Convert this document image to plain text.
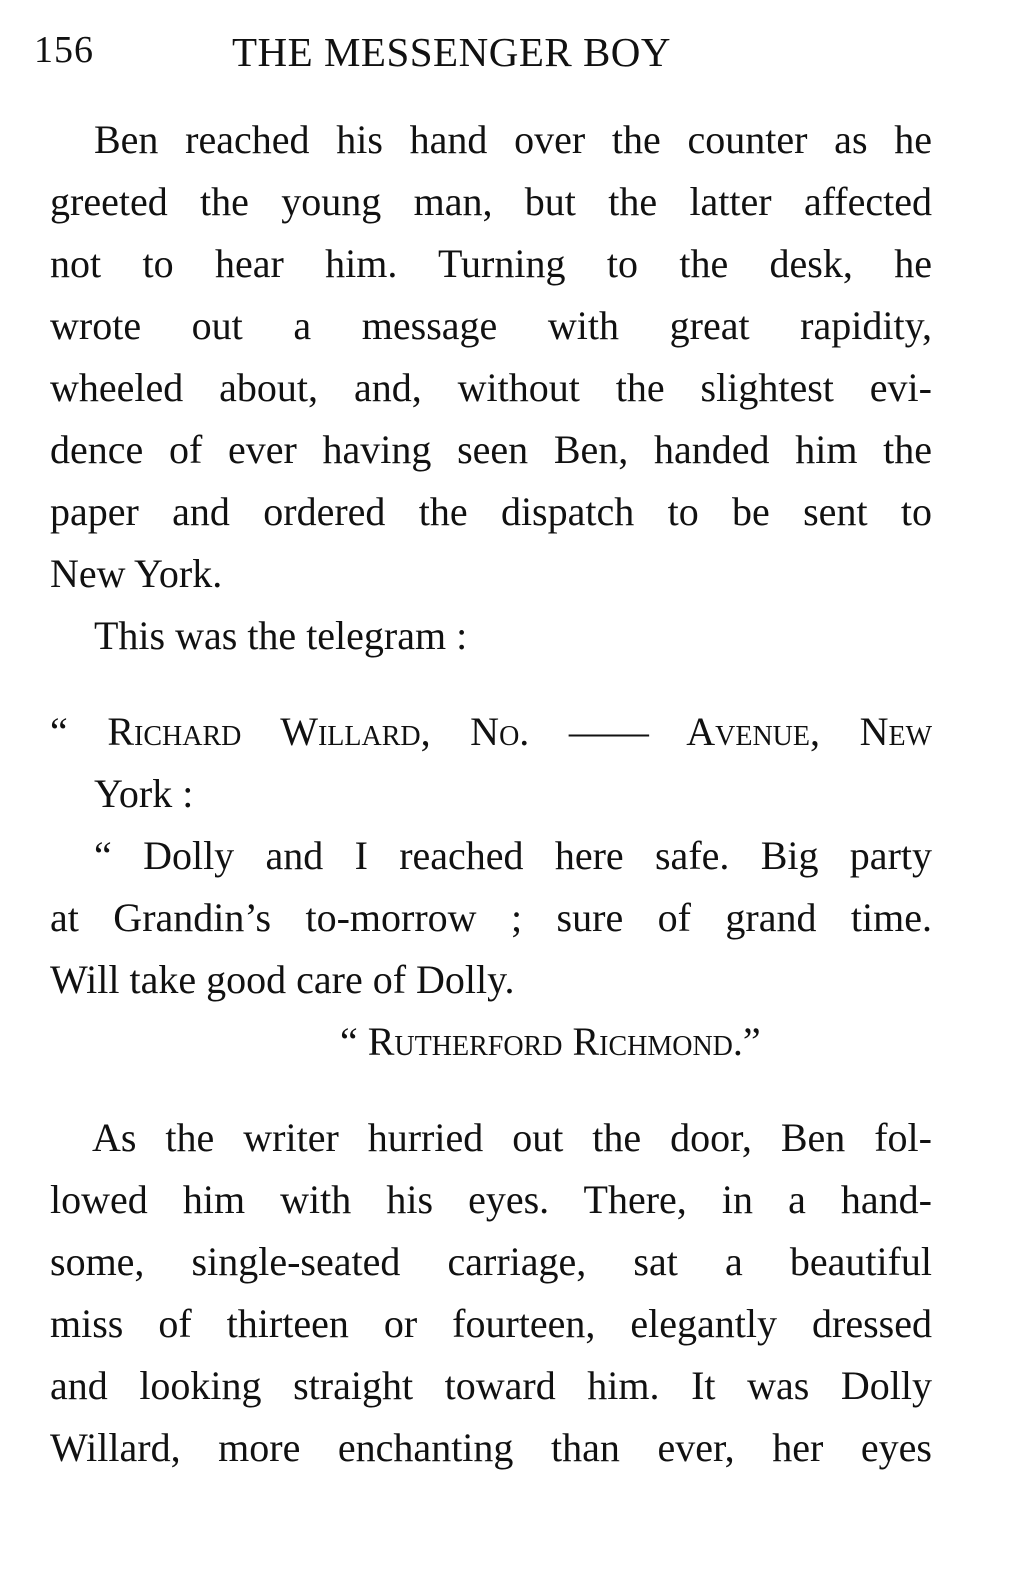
156	THE MESSENGER BOY
Ben reached his hand over the counter as he
greeted the young man, but the latter affected
not to hear him. Turning to the desk, he
wrote out a message with great rapidity,
wheeled about, and, without the slightest evi-
dence of ever having seen Ben, handed him the
paper and ordered the dispatch to be sent to
New York.
This was the telegram :
“ Richard Willard, No. —— Avenue, New
York :
“ Dolly and I reached here safe. Big party
at Grandin’s to-morrow ; sure of grand time.
Will take good care of Dolly.
“ Rutherford Richmond.”
As the writer hurried out the door, Ben fol-
lowed him with his eyes. There, in a hand-
some, single-seated carriage, sat a beautiful
miss of thirteen or fourteen, elegantly dressed
and looking straight toward him. It was Dolly
Willard, more enchanting than ever, her eyes
